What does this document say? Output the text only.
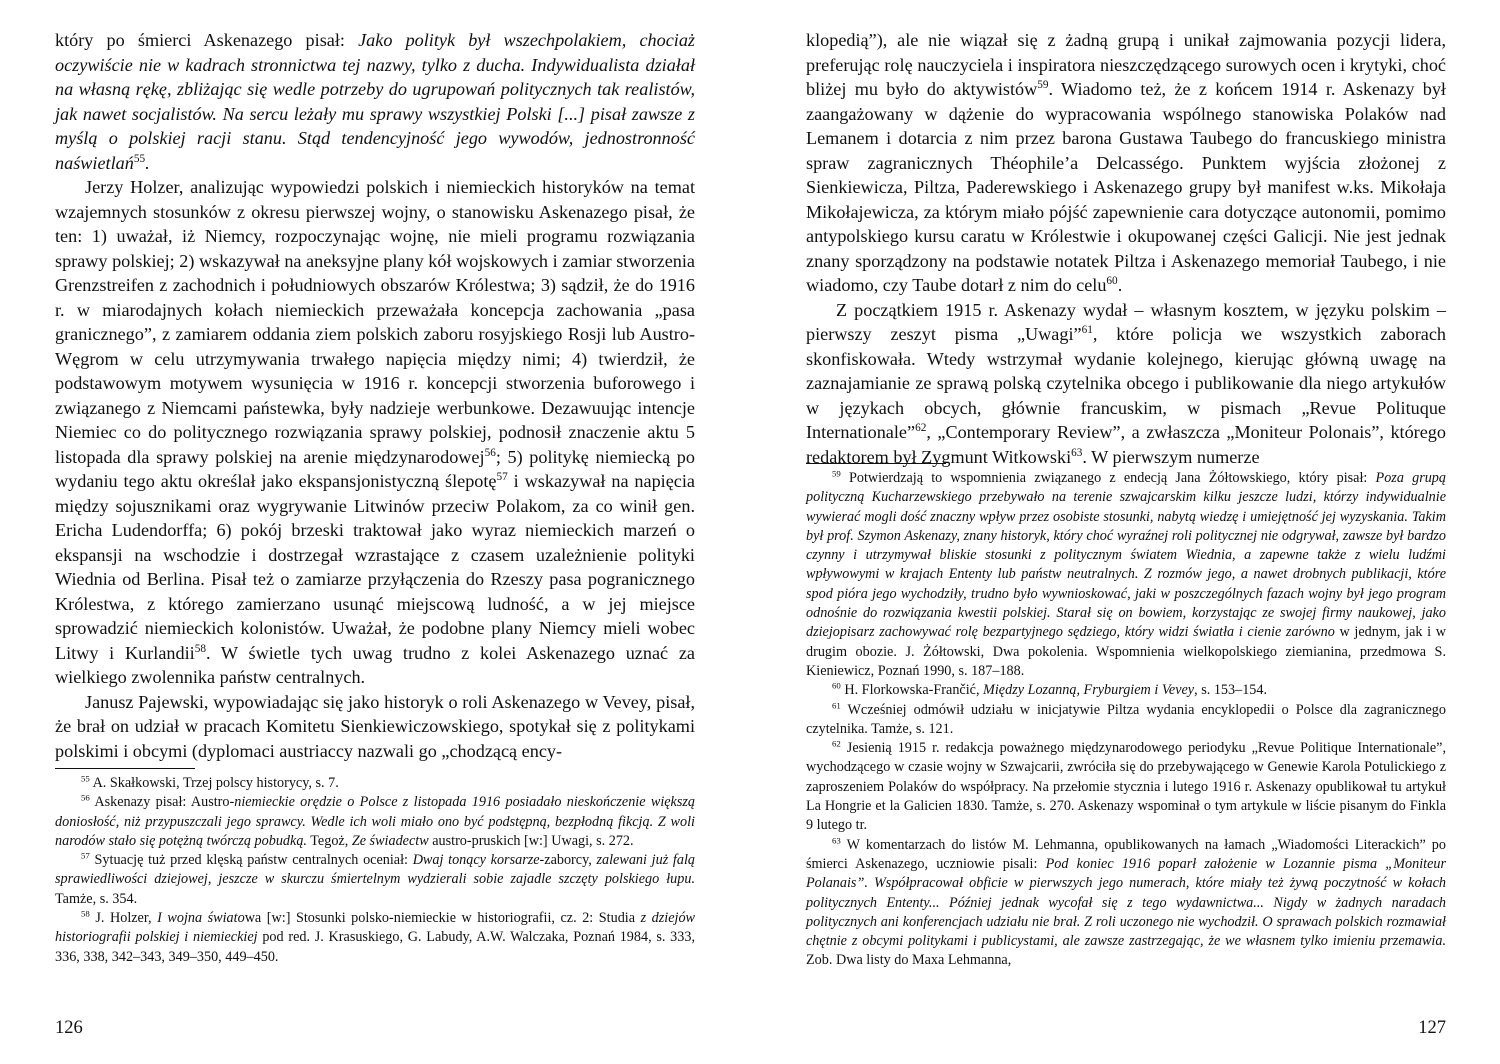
który po śmierci Askenazego pisał: Jako polityk był wszechpolakiem, chociaż oczywiście nie w kadrach stronnictwa tej nazwy, tylko z ducha. Indywidualista działał na własną rękę, zbliżając się wedle potrzeby do ugrupowań politycznych tak realistów, jak nawet socjalistów. Na sercu leżały mu sprawy wszystkiej Polski [...] pisał zawsze z myślą o polskiej racji stanu. Stąd tendencyjność jego wywodów, jednostronność naświetlań$^{55}$.

Jerzy Holzer, analizując wypowiedzi polskich i niemieckich historyków na temat wzajemnych stosunków z okresu pierwszej wojny, o stanowisku Askenazego pisał, że ten: 1) uważał, iż Niemcy, rozpoczynając wojnę, nie mieli programu rozwiązania sprawy polskiej; 2) wskazywał na aneksyjne plany kół wojskowych i zamiar stworzenia Grenzstreifen z zachodnich i południowych obszarów Królestwa; 3) sądził, że do 1916 r. w miarodajnych kołach niemieckich przeważała koncepcja zachowania „pasa granicznego”, z zamiarem oddania ziem polskich zaboru rosyjskiego Rosji lub Austro-Węgrom w celu utrzymywania trwałego napięcia między nimi; 4) twierdził, że podstawowym motywem wysunięcia w 1916 r. koncepcji stworzenia buforowego i związanego z Niemcami państewka, były nadzieje werbunkowe. Dezawuując intencje Niemiec co do politycznego rozwiązania sprawy polskiej, podnosił znaczenie aktu 5 listopada dla sprawy polskiej na arenie międzynarodowej$^{56}$; 5) politykę niemiecką po wydaniu tego aktu określał jako ekspansjonistyczną ślepotę$^{57}$ i wskazywał na napięcia między sojusznikami oraz wygrywanie Litwinów przeciw Polakom, za co winił gen. Ericha Ludendorffa; 6) pokój brzeski traktował jako wyraz niemieckich marzeń o ekspansji na wschodzie i dostrzegał wzrastające z czasem uzależnienie polityki Wiednia od Berlina. Pisał też o zamiarze przyłączenia do Rzeszy pasa pogranicznego Królestwa, z którego zamierzano usunąć miejscową ludność, a w jej miejsce sprowadzić niemieckich kolonistów. Uważał, że podobne plany Niemcy mieli wobec Litwy i Kurlandii$^{58}$. W świetle tych uwag trudno z kolei Askenazego uznać za wielkiego zwolennika państw centralnych.

Janusz Pajewski, wypowiadając się jako historyk o roli Askenazego w Vevey, pisał, że brał on udział w pracach Komitetu Sienkiewiczowskiego, spotykał się z politykami polskimi i obcymi (dyplomaci austriaccy nazwali go „chodzącą ency-

$^{55}$ A. Skałkowski, Trzej polscy historycy, s. 7.

$^{56}$ Askenazy pisał: Austro-niemieckie orędzie o Polsce z listopada 1916 posiadało nieskończenie większą doniosłość, niż przypuszczali jego sprawcy. Wedle ich woli miało ono być podstępną, bezpłodną fikcją. Z woli narodów stało się potężną twórczą pobudką. Tegoż, Ze świadectw austro-pruskich [w:] Uwagi, s. 272.

$^{57}$ Sytuację tuż przed klęską państw centralnych oceniał: Dwaj tonący korsarze-zaborcy, zalewani już falą sprawiedliwości dziejowej, jeszcze w skurczu śmiertelnym wydzierali sobie zajadle szczęty polskiego łupu. Tamże, s. 354.

$^{58}$ J. Holzer, I wojna światowa [w:] Stosunki polsko-niemieckie w historiografii, cz. 2: Studia z dziejów historiografii polskiej i niemieckiej pod red. J. Krasuskiego, G. Labudy, A.W. Walczaka, Poznań 1984, s. 333, 336, 338, 342–343, 349–350, 449–450.

126

klopedią”), ale nie wiązał się z żadną grupą i unikał zajmowania pozycji lidera, preferując rolę nauczyciela i inspiratora nieszczędzącego surowych ocen i krytyki, choć bliżej mu było do aktywistów$^{59}$. Wiadomo też, że z końcem 1914 r. Askenazy był zaangażowany w dążenie do wypracowania wspólnego stanowiska Polaków nad Lemanem i dotarcia z nim przez barona Gustawa Taubego do francuskiego ministra spraw zagranicznych Théophile’a Delcasségo. Punktem wyjścia złożonej z Sienkiewicza, Piltza, Paderewskiego i Askenazego grupy był manifest w.ks. Mikołaja Mikołajewicza, za którym miało pójść zapewnienie cara dotyczące autonomii, pomimo antypolskiego kursu caratu w Królestwie i okupowanej części Galicji. Nie jest jednak znany sporządzony na podstawie notatek Piltza i Askenazego memoriał Taubego, i nie wiadomo, czy Taube dotarł z nim do celu$^{60}$.

Z początkiem 1915 r. Askenazy wydał – własnym kosztem, w języku polskim – pierwszy zeszyt pisma „Uwagi”$^{61}$, które policja we wszystkich zaborach skonfiskowała. Wtedy wstrzymał wydanie kolejnego, kierując główną uwagę na zaznajamianie ze sprawą polską czytelnika obcego i publikowanie dla niego artykułów w językach obcych, głównie francuskim, w pismach „Revue Polituque Internationale”$^{62}$, „Contemporary Review”, a zwłaszcza „Moniteur Polonais”, którego redaktorem był Zygmunt Witkowski$^{63}$. W pierwszym numerze

$^{59}$ Potwierdzają to wspomnienia związanego z endecją Jana Żółtowskiego, który pisał: Poza grupą polityczną Kucharzewskiego przebywało na terenie szwajcarskim kilku jeszcze ludzi, którzy indywidualnie wywierać mogli dość znaczny wpływ przez osobiste stosunki, nabytą wiedzę i umiejętność jej wyzyskania. Takim był prof. Szymon Askenazy, znany historyk, który choć wyraźnej roli politycznej nie odgrywał, zawsze był bardzo czynny i utrzymywał bliskie stosunki z politycznym światem Wiednia, a zapewne także z wielu ludźmi wpływowymi w krajach Ententy lub państw neutralnych. Z rozmów jego, a nawet drobnych publikacji, które spod pióra jego wychodziły, trudno było wywnioskować, jaki w poszczególnych fazach wojny był jego program odnośnie do rozwiązania kwestii polskiej. Starał się on bowiem, korzystając ze swojej firmy naukowej, jako dziejopisarz zachowywać rolę bezpartyjnego sędziego, który widzi światła i cienie zarówno w jednym, jak i w drugim obozie. J. Żółtowski, Dwa pokolenia. Wspomnienia wielkopolskiego ziemianina, przedmowa S. Kieniewicz, Poznań 1990, s. 187–188.

$^{60}$ H. Florkowska-Frančić, Między Lozanną, Fryburgiem i Vevey, s. 153–154.

$^{61}$ Wcześniej odmówił udziału w inicjatywie Piltza wydania encyklopedii o Polsce dla zagranicznego czytelnika. Tamże, s. 121.

$^{62}$ Jesienią 1915 r. redakcja poważnego międzynarodowego periodyku „Revue Politique Internationale”, wychodzącego w czasie wojny w Szwajcarii, zwróciła się do przebywającego w Genewie Karola Potulickiego z zaproszeniem Polaków do współpracy. Na przełomie stycznia i lutego 1916 r. Askenazy opublikował tu artykuł La Hongrie et la Galicien 1830. Tamże, s. 270. Askenazy wspominał o tym artykule w liście pisanym do Finkla 9 lutego tr.

$^{63}$ W komentarzach do listów M. Lehmanna, opublikowanych na łamach „Wiadomości Literackich” po śmierci Askenazego, uczniowie pisali: Pod koniec 1916 poparł założenie w Lozannie pisma „Moniteur Polanais”. Współpracował obficie w pierwszych jego numerach, które miały też żywą poczytność w kołach politycznych Ententy... Później jednak wycofał się z tego wydawnictwa... Nigdy w żadnych naradach politycznych ani konferencjach udziału nie brał. Z roli uczonego nie wychodził. O sprawach polskich rozmawiał chętnie z obcymi politykami i publicystami, ale zawsze zastrzegając, że we własnem tylko imieniu przemawia. Zob. Dwa listy do Maxa Lehmanna,

127
